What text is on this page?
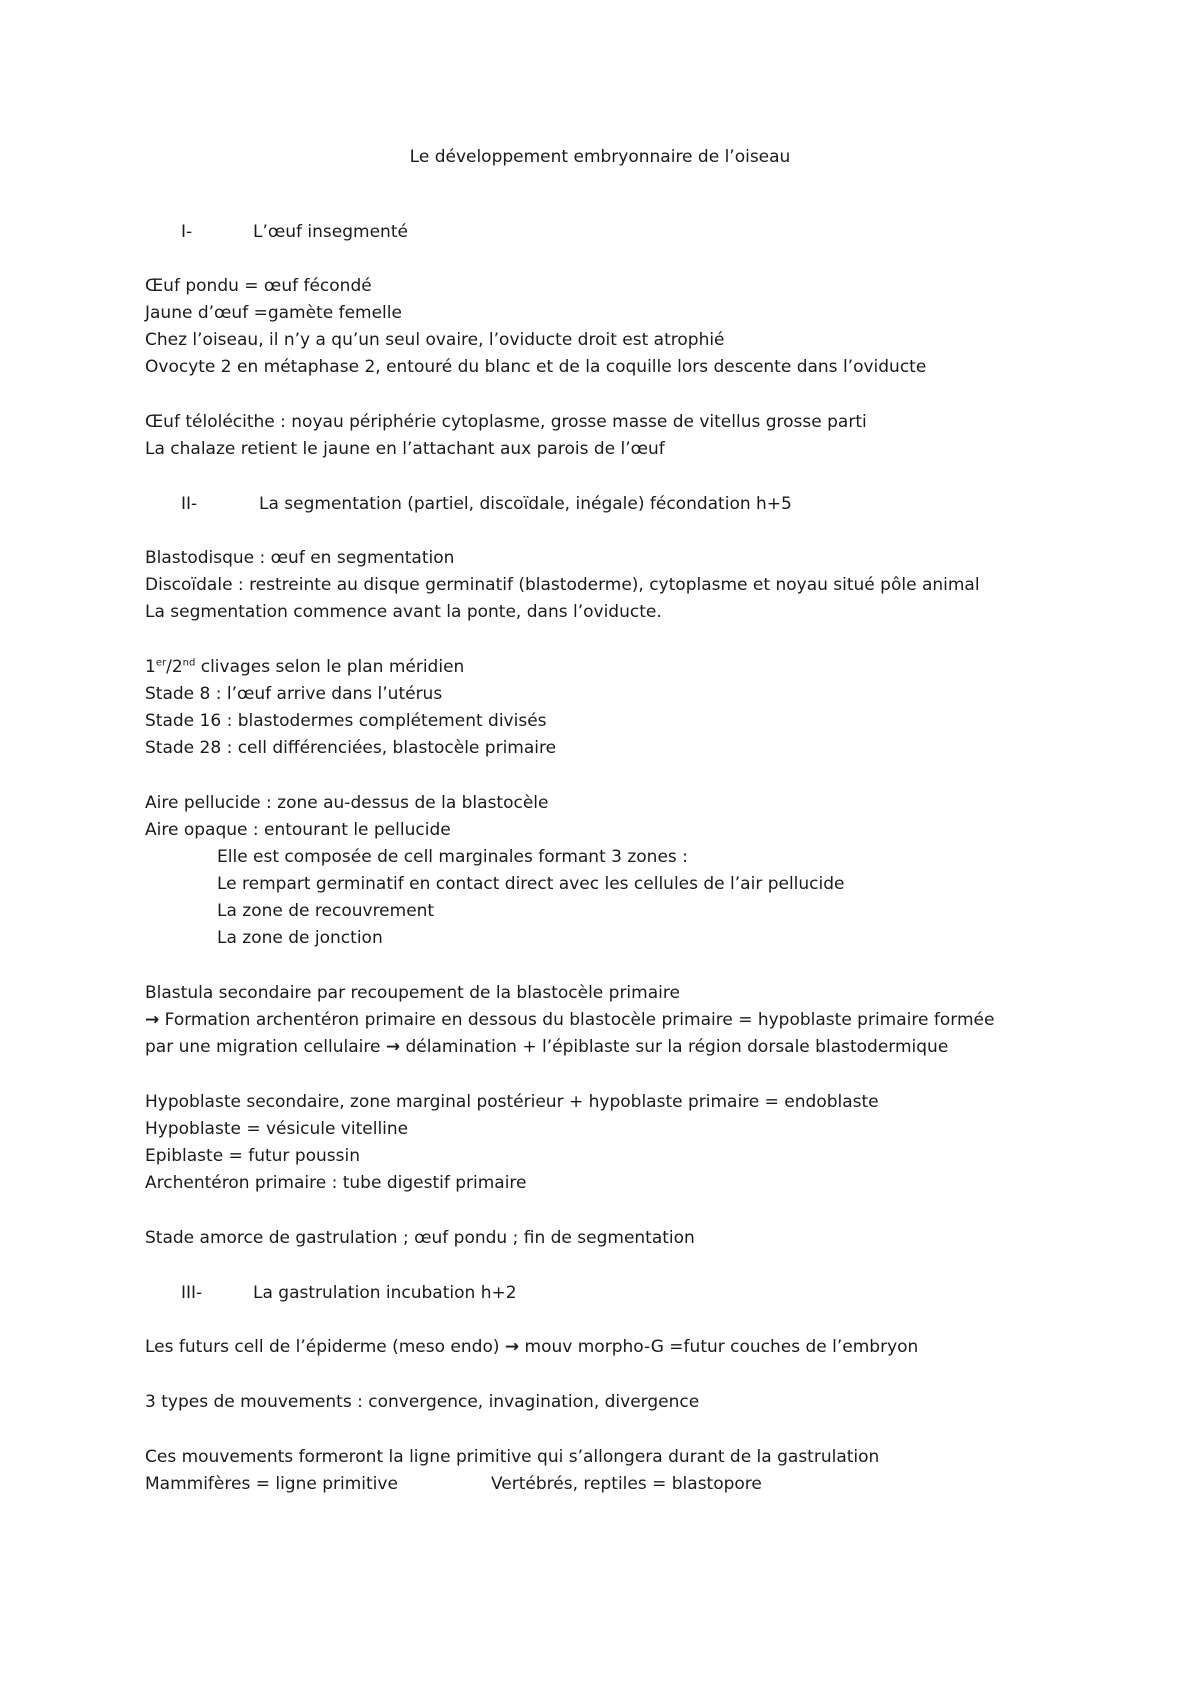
Le développement embryonnaire de l’oiseau
I-	L’œuf insegmenté
Œuf pondu = œuf fécondé
Jaune d’œuf =gamète femelle
Chez l’oiseau, il n’y a qu’un seul ovaire, l’oviducte droit est atrophié
Ovocyte 2 en métaphase 2, entouré du blanc et de la coquille lors descente dans l’oviducte
Œuf télolécithe : noyau périphérie cytoplasme, grosse masse de vitellus grosse parti
La chalaze retient le jaune en l’attachant aux parois de l’œuf
II-	La segmentation (partiel, discoïdale, inégale) fécondation h+5
Blastodisque : œuf en segmentation
Discoïdale : restreinte au disque germinatif (blastoderme), cytoplasme et noyau situé pôle animal
La segmentation commence avant la ponte, dans l’oviducte.
1er/2nd clivages selon le plan méridien
Stade 8 : l’œuf arrive dans l’utérus
Stade 16 : blastodermes complétement divisés
Stade 28 : cell différenciées, blastocèle primaire
Aire pellucide : zone au-dessus de la blastocèle
Aire opaque : entourant le pellucide
Elle est composée de cell marginales formant 3 zones :
Le rempart germinatif en contact direct avec les cellules de l’air pellucide
La zone de recouvrement
La zone de jonction
Blastula secondaire par recoupement de la blastocèle primaire
→ Formation archentéron primaire en dessous du blastocèle primaire = hypoblaste primaire formée
par une migration cellulaire → délamination + l’épiblaste sur la région dorsale blastodermique
Hypoblaste secondaire, zone marginal postérieur + hypoblaste primaire = endoblaste
Hypoblaste = vésicule vitelline
Epiblaste = futur poussin
Archentéron primaire : tube digestif primaire
Stade amorce de gastrulation ; œuf pondu ; fin de segmentation
III-	La gastrulation incubation h+2
Les futurs cell de l’épiderme (meso endo) → mouv morpho-G =futur couches de l’embryon
3 types de mouvements : convergence, invagination, divergence
Ces mouvements formeront la ligne primitive qui s’allongera durant de la gastrulation
Mammifères = ligne primitive	Vertébrés, reptiles = blastopore
